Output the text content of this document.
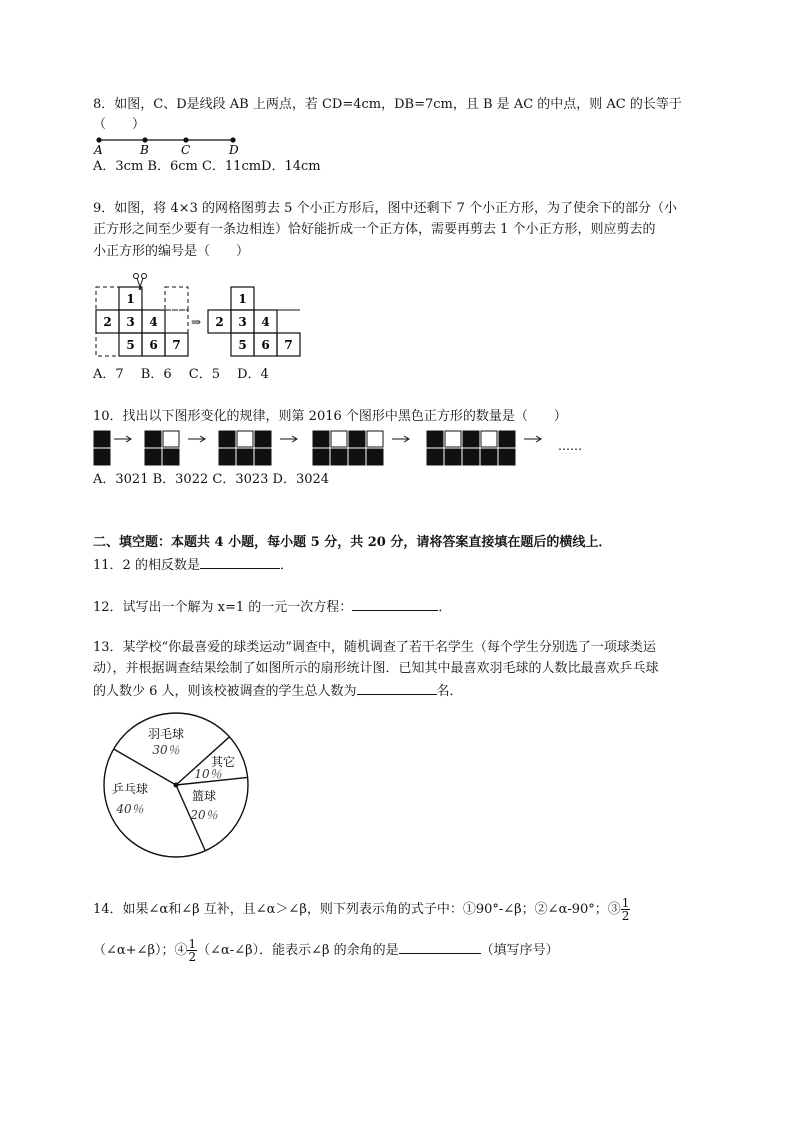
8．如图，C、D是线段 AB 上两点，若 CD=4cm，DB=7cm，且 B 是 AC 的中点，则 AC 的长等于
（　　）
A	B	C	D
A．3cm B．6cm C．11cmD．14cm
9．如图，将 4×3 的网格图剪去 5 个小正方形后，图中还剩下 7 个小正方形，为了使余下的部分（小
正方形之间至少要有一条边相连）恰好能折成一个正方体，需要再剪去 1 个小正方形，则应剪去的
小正方形的编号是（　　）
1
2 3 4
5 6 7
⇒
1
2 3 4
5 6 7
A．7　 B．6　 C．5　 D．4
10．找出以下图形变化的规律，则第 2016 个图形中黑色正方形的数量是（　　）
……
A．3021 B．3022 C．3023 D．3024
二、填空题：本题共 4 小题，每小题 5 分，共 20 分，请将答案直接填在题后的横线上．
11．2 的相反数是	．
12．试写出一个解为 x=1 的一元一次方程：	．
13．某学校“你最喜爱的球类运动”调查中，随机调查了若干名学生（每个学生分别选了一项球类运
动），并根据调查结果绘制了如图所示的扇形统计图．已知其中最喜欢羽毛球的人数比最喜欢乒乓球
的人数少 6 人，则该校被调查的学生总人数为	名．
羽毛球
30％
其它
10％
篮球
20％
乒乓球
40％
14．如果∠α和∠β 互补，且∠α＞∠β，则下列表示角的式子中：①90°-∠β；②∠α-90°；③ $\frac{1}{2}$
（∠α+∠β）；④ $\frac{1}{2}$ （∠α-∠β）．能表示∠β 的余角的是	（填写序号）
